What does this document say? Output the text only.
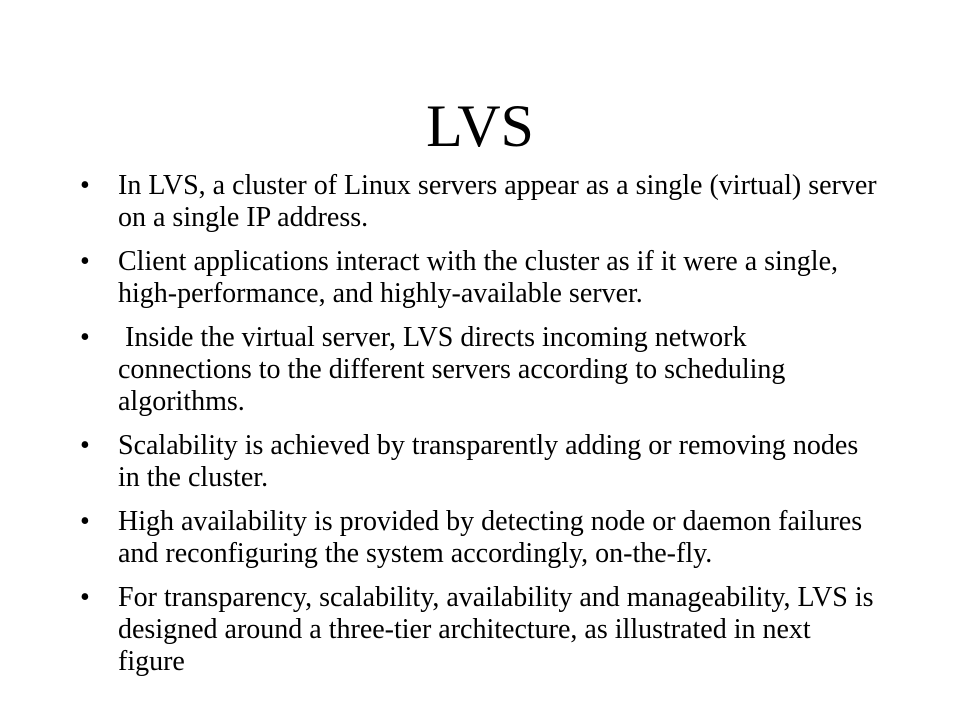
LVS
•	In LVS, a cluster of Linux servers appear as a single (virtual) server on a single IP address.
•	Client applications interact with the cluster as if it were a single, high-performance, and highly-available server.
•	Inside the virtual server, LVS directs incoming network connections to the different servers according to scheduling algorithms.
•	Scalability is achieved by transparently adding or removing nodes in the cluster.
•	High availability is provided by detecting node or daemon failures and reconfiguring the system accordingly, on-the-fly.
•	For transparency, scalability, availability and manageability, LVS is designed around a three-tier architecture, as illustrated in next figure
